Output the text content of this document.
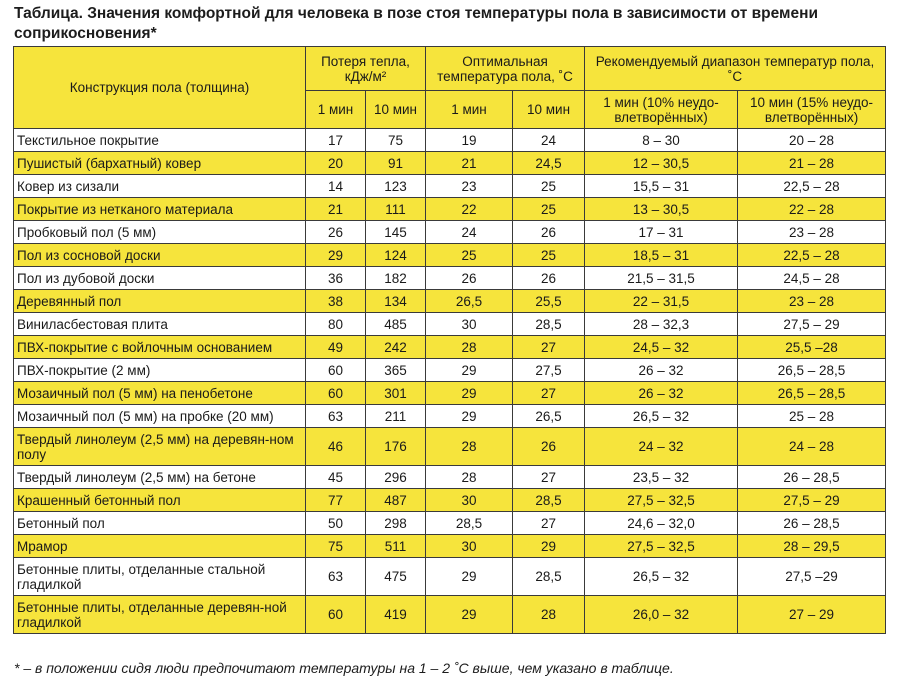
Таблица. Значения комфортной для человека в позе стоя температуры пола в зависимости от времени соприкосновения*
Конструкция пола (толщина)	Потеря тепла, кДж/м²		Оптимальная температура пола, ˚С		Рекомендуемый диапазон температур пола, ˚С	
	1 мин	10 мин	1 мин	10 мин	1 мин (10% неудо-влетворённых)	10 мин (15% неудо-влетворённых)
Текстильное покрытие	17	75	19	24	8 – 30	20 – 28
Пушистый (бархатный) ковер	20	91	21	24,5	12 – 30,5	21 – 28
Ковер из сизали	14	123	23	25	15,5 – 31	22,5 – 28
Покрытие из нетканого материала	21	111	22	25	13 – 30,5	22 – 28
Пробковый пол (5 мм)	26	145	24	26	17 – 31	23 – 28
Пол из сосновой доски	29	124	25	25	18,5 – 31	22,5 – 28
Пол из дубовой доски	36	182	26	26	21,5 – 31,5	24,5 – 28
Деревянный пол	38	134	26,5	25,5	22 – 31,5	23 – 28
Виниласбестовая плита	80	485	30	28,5	28 – 32,3	27,5 – 29
ПВХ-покрытие с войлочным основанием	49	242	28	27	24,5 – 32	25,5 –28
ПВХ-покрытие (2 мм)	60	365	29	27,5	26 – 32	26,5 – 28,5
Мозаичный пол (5 мм) на пенобетоне	60	301	29	27	26 – 32	26,5 – 28,5
Мозаичный пол (5 мм) на пробке (20 мм)	63	211	29	26,5	26,5 – 32	25 – 28
Твердый линолеум (2,5 мм) на деревян-ном полу	46	176	28	26	24 – 32	24 – 28
Твердый линолеум (2,5 мм) на бетоне	45	296	28	27	23,5 – 32	26 – 28,5
Крашенный бетонный пол	77	487	30	28,5	27,5 – 32,5	27,5 – 29
Бетонный пол	50	298	28,5	27	24,6 – 32,0	26 – 28,5
Мрамор	75	511	30	29	27,5 – 32,5	28 – 29,5
Бетонные плиты, отделанные стальной гладилкой	63	475	29	28,5	26,5 – 32	27,5 –29
Бетонные плиты, отделанные деревян-ной гладилкой	60	419	29	28	26,0 – 32	27 – 29
* – в положении сидя люди предпочитают температуры на 1 – 2 ˚С выше, чем указано в таблице.
